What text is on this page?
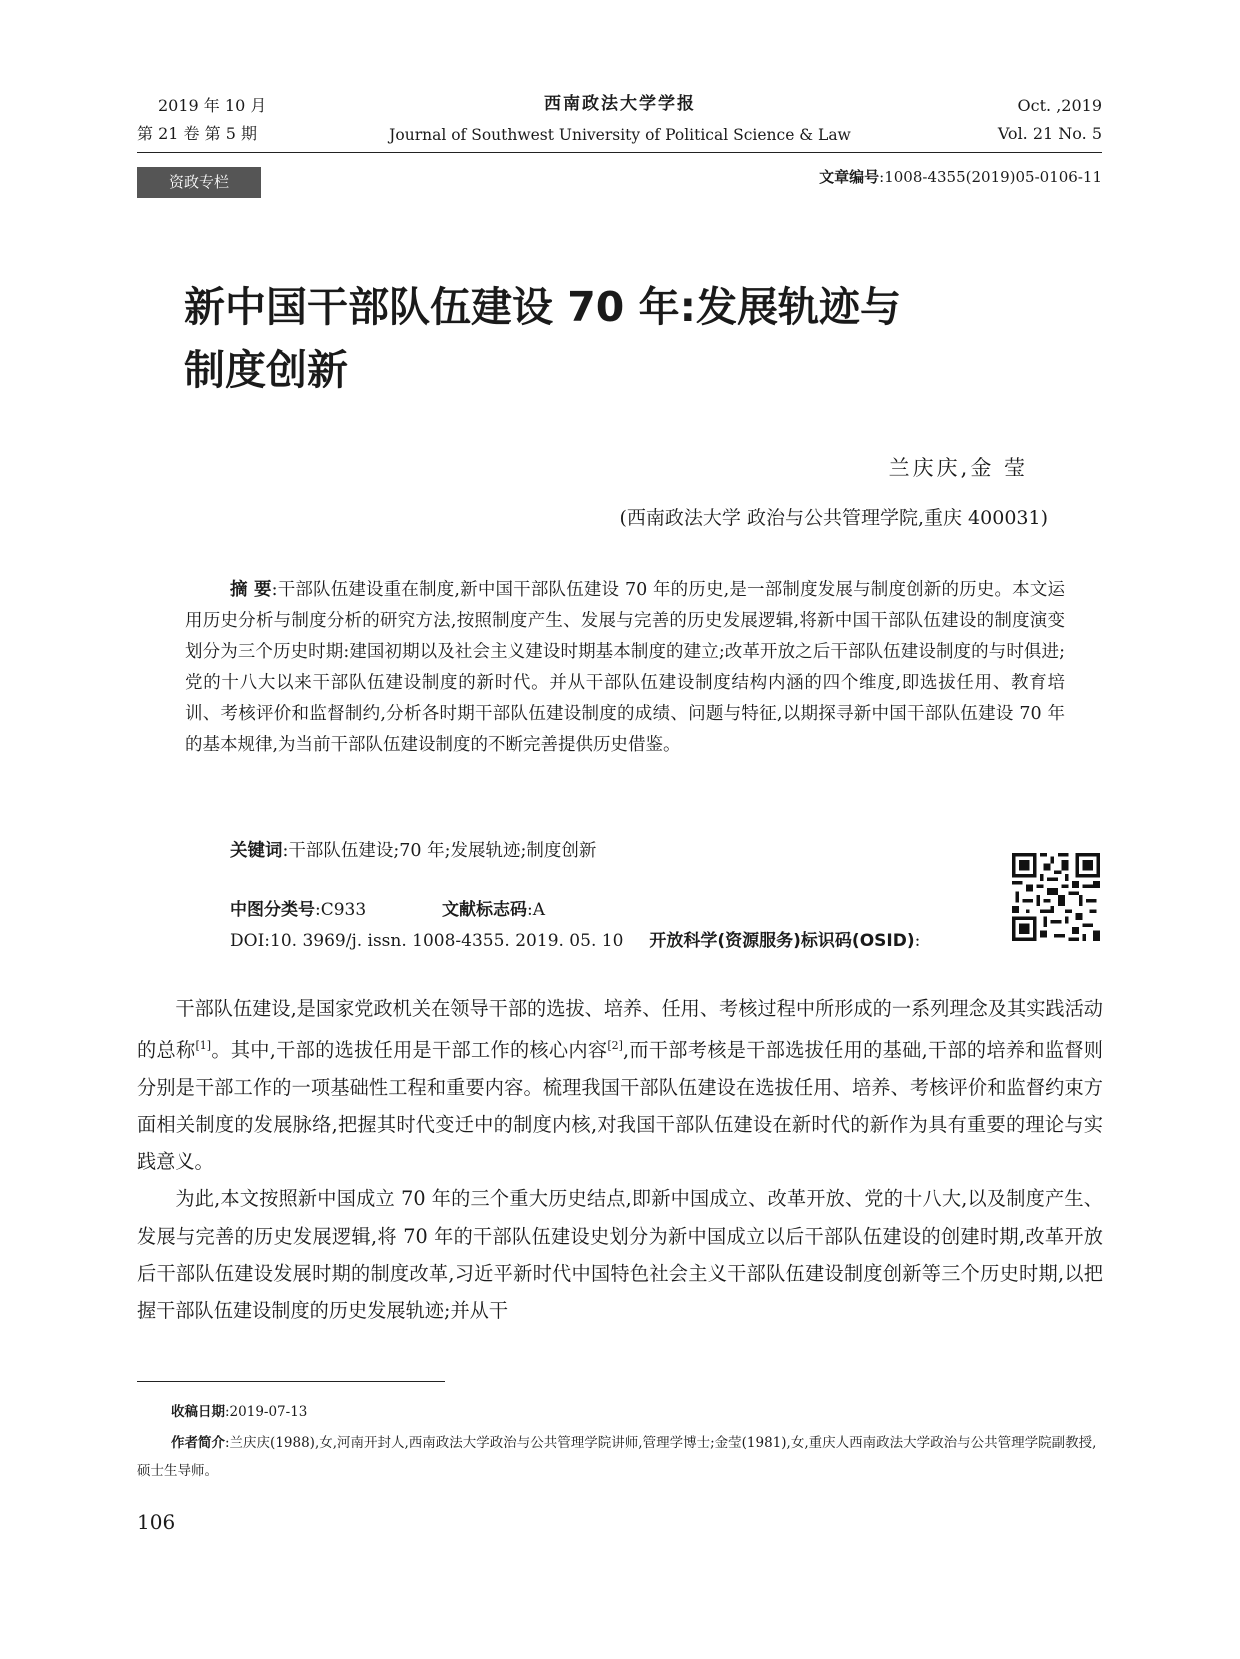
2019 年 10 月
第 21 卷 第 5 期
西南政法大学学报
Journal of Southwest University of Political Science & Law
Oct. ,2019
Vol. 21 No. 5
资政专栏	文章编号:1008-4355(2019)05-0106-11
新中国干部队伍建设 70 年:发展轨迹与
制度创新
兰庆庆,金 莹
(西南政法大学 政治与公共管理学院,重庆 400031)
摘 要:干部队伍建设重在制度,新中国干部队伍建设 70 年的历史,是一部制度发展与制度创新的历史。本文运用历史分析与制度分析的研究方法,按照制度产生、发展与完善的历史发展逻辑,将新中国干部队伍建设的制度演变划分为三个历史时期:建国初期以及社会主义建设时期基本制度的建立;改革开放之后干部队伍建设制度的与时俱进;党的十八大以来干部队伍建设制度的新时代。并从干部队伍建设制度结构内涵的四个维度,即选拔任用、教育培训、考核评价和监督制约,分析各时期干部队伍建设制度的成绩、问题与特征,以期探寻新中国干部队伍建设 70 年的基本规律,为当前干部队伍建设制度的不断完善提供历史借鉴。
关键词:干部队伍建设;70 年;发展轨迹;制度创新
中图分类号:C933	文献标志码:A
DOI:10. 3969/j. issn. 1008-4355. 2019. 05. 10 开放科学(资源服务)标识码(OSID):

干部队伍建设,是国家党政机关在领导干部的选拔、培养、任用、考核过程中所形成的一系列理念及其实践活动的总称[1]。其中,干部的选拔任用是干部工作的核心内容[2],而干部考核是干部选拔任用的基础,干部的培养和监督则分别是干部工作的一项基础性工程和重要内容。梳理我国干部队伍建设在选拔任用、培养、考核评价和监督约束方面相关制度的发展脉络,把握其时代变迁中的制度内核,对我国干部队伍建设在新时代的新作为具有重要的理论与实践意义。

为此,本文按照新中国成立 70 年的三个重大历史结点,即新中国成立、改革开放、党的十八大,以及制度产生、发展与完善的历史发展逻辑,将 70 年的干部队伍建设史划分为新中国成立以后干部队伍建设的创建时期,改革开放后干部队伍建设发展时期的制度改革,习近平新时代中国特色社会主义干部队伍建设制度创新等三个历史时期,以把握干部队伍建设制度的历史发展轨迹;并从干

收稿日期:2019-07-13
作者简介:兰庆庆(1988),女,河南开封人,西南政法大学政治与公共管理学院讲师,管理学博士;金莹(1981),女,重庆人西南政法大学政治与公共管理学院副教授,硕士生导师。
106
